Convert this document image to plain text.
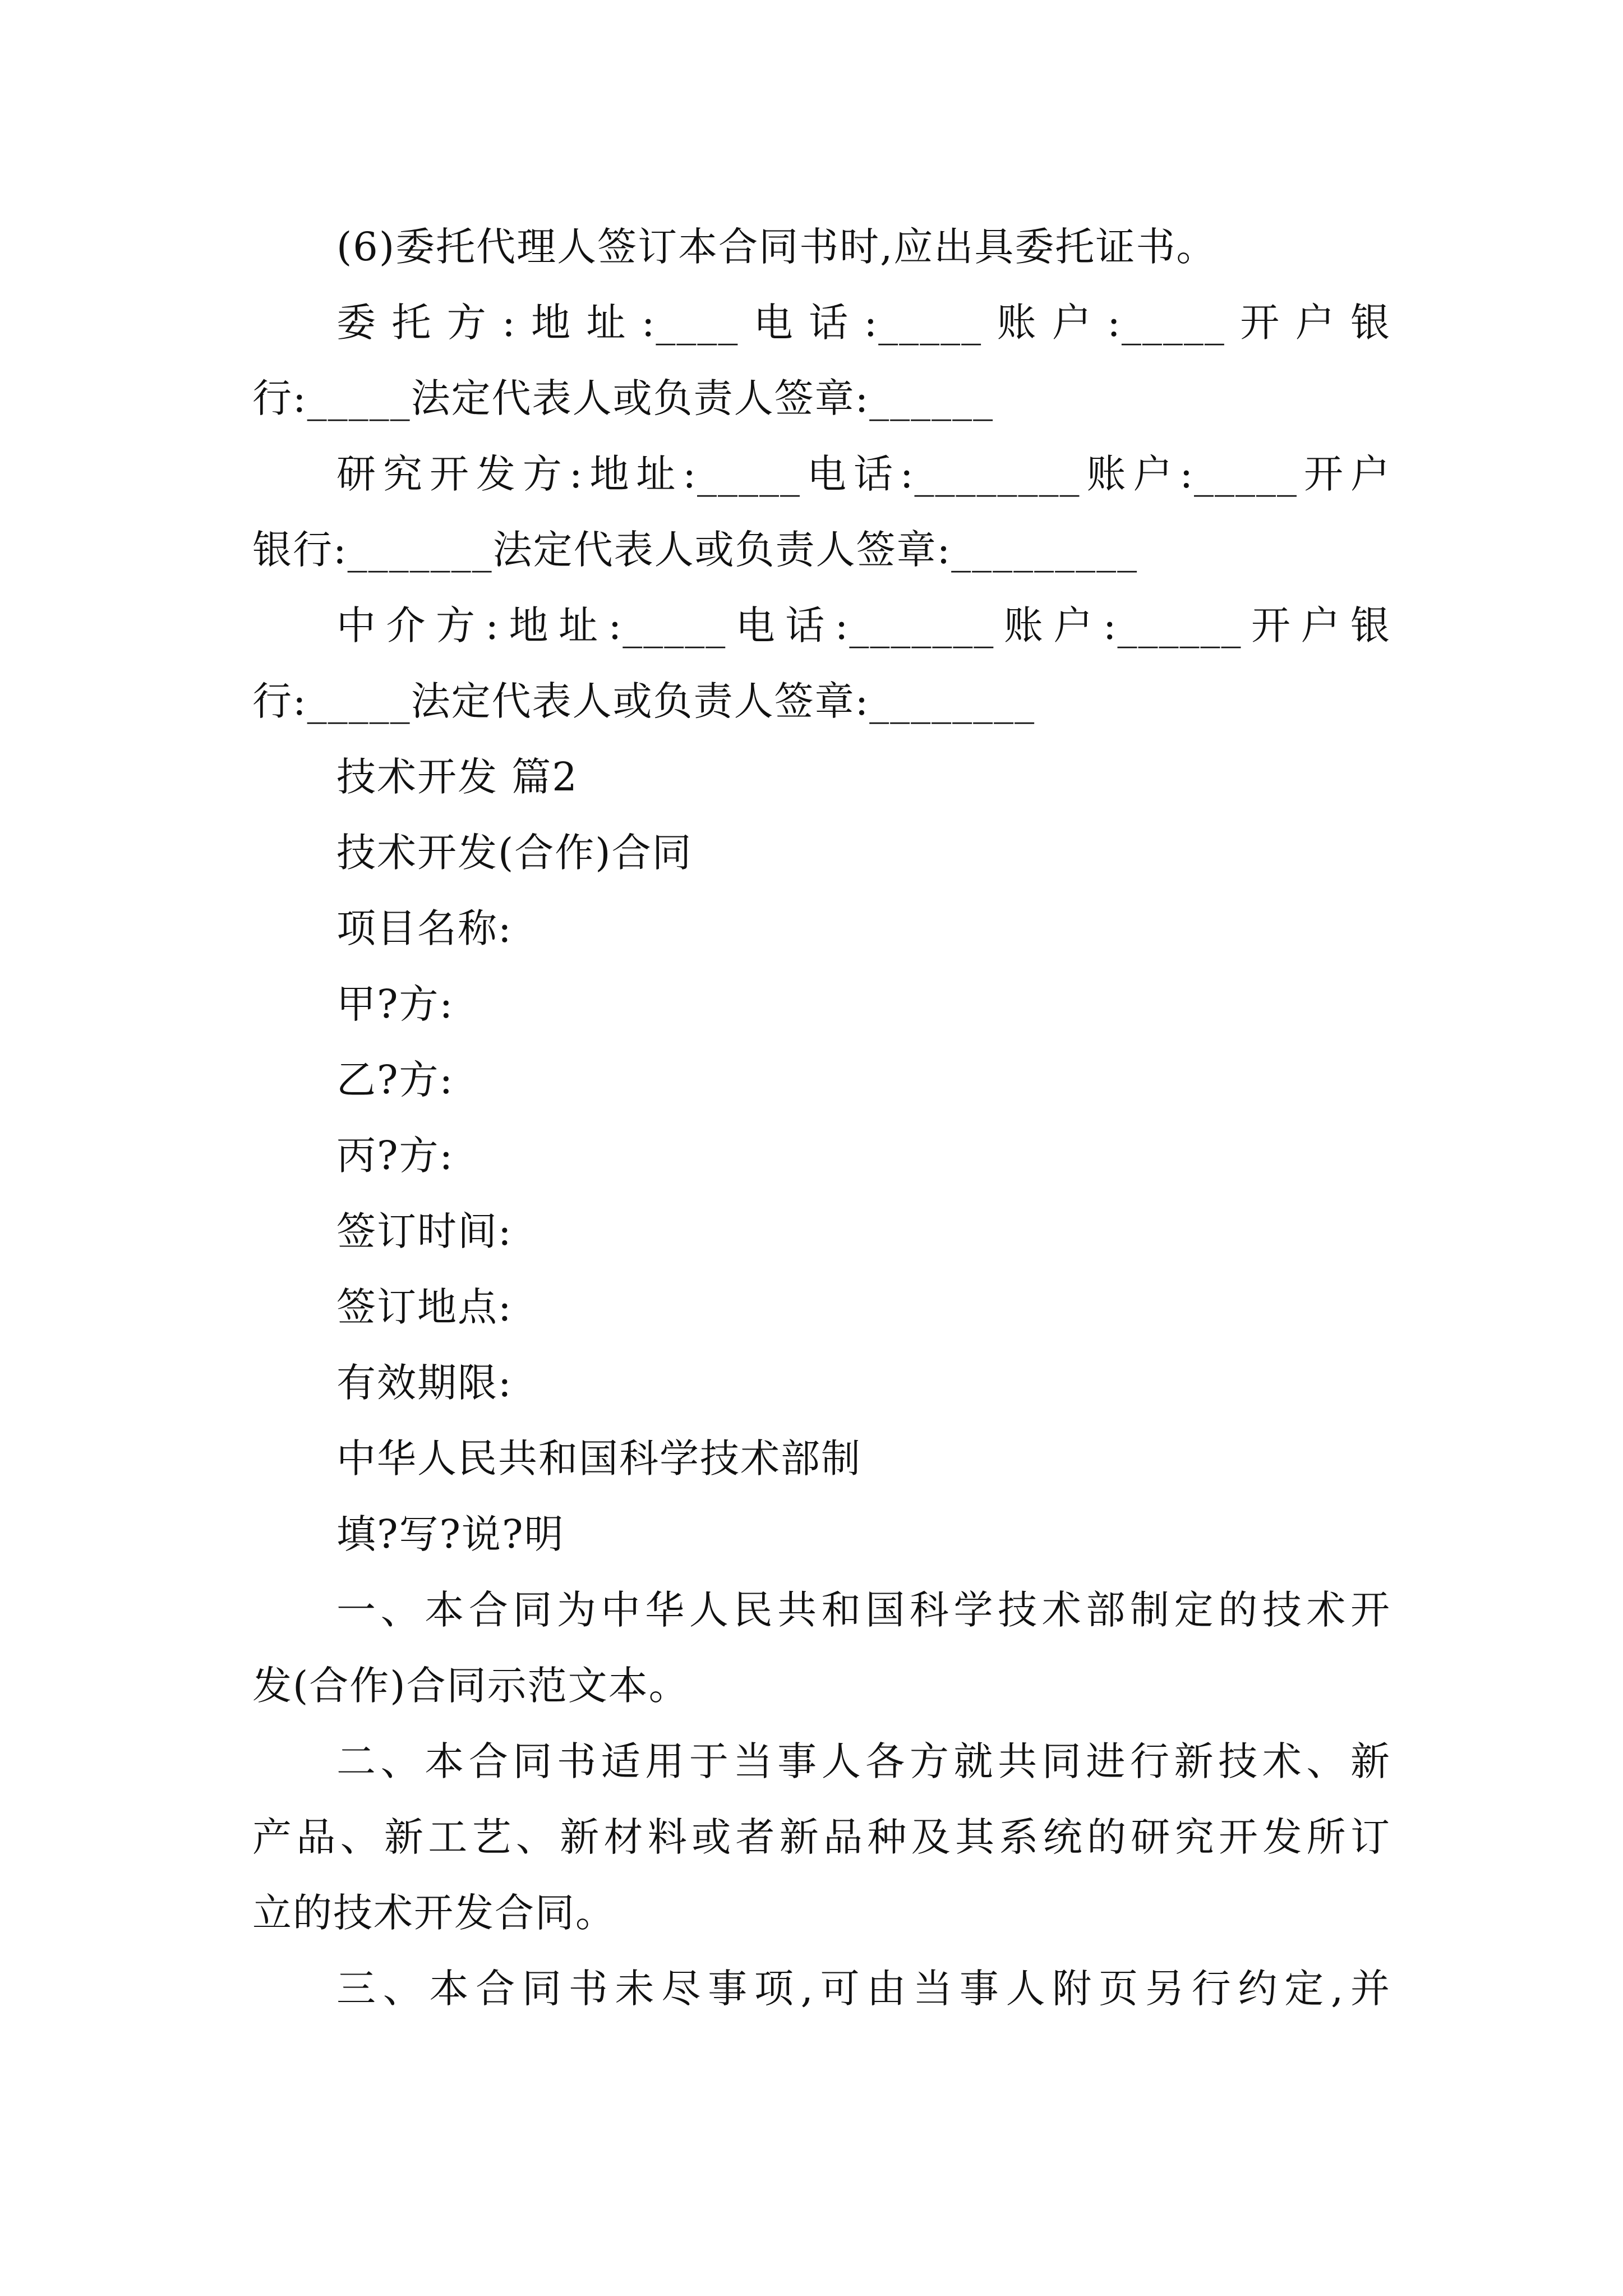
(6)委托代理人签订本合同书时,应出具委托证书。
委托方:地址:____电话:_____账户:_____开户银
行:_____法定代表人或负责人签章:______
研究开发方:地址:_____电话:________账户:_____开户
银行:_______法定代表人或负责人签章:_________
中介方:地址:_____电话:_______账户:______开户银
行:_____法定代表人或负责人签章:________
技术开发 篇2
技术开发(合作)合同
项目名称:
甲?方:
乙?方:
丙?方:
签订时间:
签订地点:
有效期限:
中华人民共和国科学技术部制
填?写?说?明
一、本合同为中华人民共和国科学技术部制定的技术开
发(合作)合同示范文本。
二、本合同书适用于当事人各方就共同进行新技术、新
产品、新工艺、新材料或者新品种及其系统的研究开发所订
立的技术开发合同。
三、本合同书未尽事项,可由当事人附页另行约定,并
